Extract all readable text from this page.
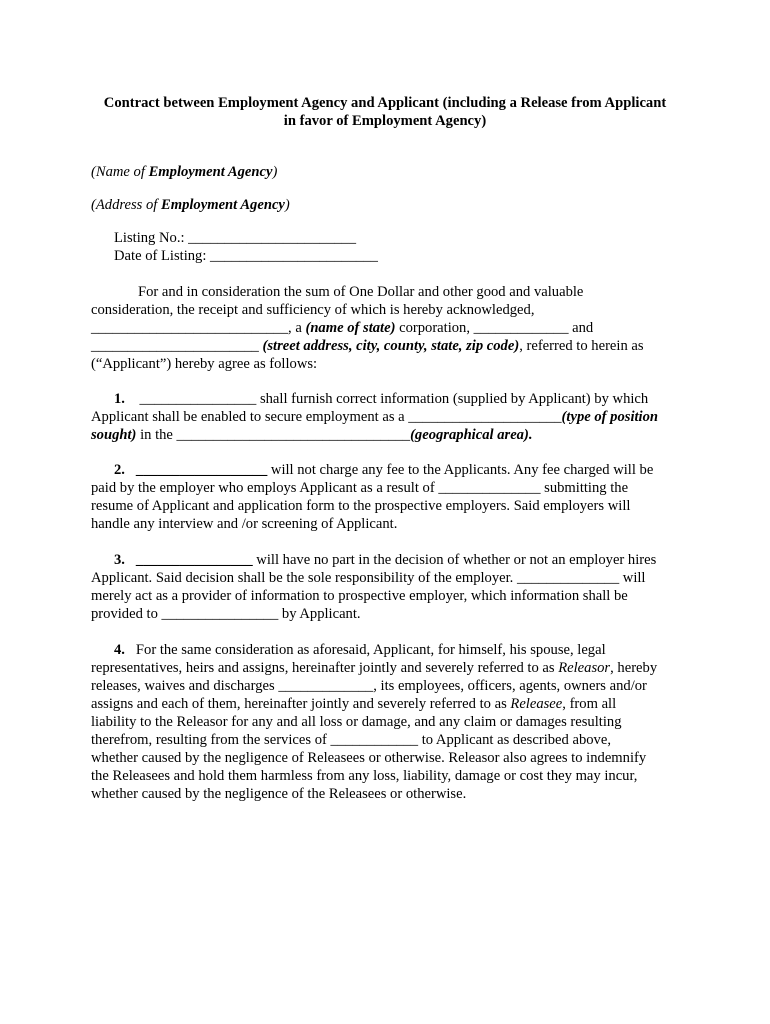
Contract between Employment Agency and Applicant (including a Release from Applicant
in favor of Employment Agency)
(Name of Employment Agency)
(Address of Employment Agency)
Listing No.: _______________________
Date of Listing: _______________________
For and in consideration the sum of One Dollar and other good and valuable
consideration, the receipt and sufficiency of which is hereby acknowledged,
___________________________, a (name of state) corporation, _____________ and
_______________________ (street address, city, county, state, zip code), referred to herein as
(“Applicant”) hereby agree as follows:
1. ________________ shall furnish correct information (supplied by Applicant) by which
Applicant shall be enabled to secure employment as a _____________________(type of position
sought) in the ________________________________(geographical area).
2. __________________ will not charge any fee to the Applicants. Any fee charged will be
paid by the employer who employs Applicant as a result of ______________ submitting the
resume of Applicant and application form to the prospective employers. Said employers will
handle any interview and /or screening of Applicant.
3. ________________ will have no part in the decision of whether or not an employer hires
Applicant. Said decision shall be the sole responsibility of the employer. ______________ will
merely act as a provider of information to prospective employer, which information shall be
provided to ________________ by Applicant.
4. For the same consideration as aforesaid, Applicant, for himself, his spouse, legal
representatives, heirs and assigns, hereinafter jointly and severely referred to as Releasor, hereby
releases, waives and discharges _____________, its employees, officers, agents, owners and/or
assigns and each of them, hereinafter jointly and severely referred to as Releasee, from all
liability to the Releasor for any and all loss or damage, and any claim or damages resulting
therefrom, resulting from the services of ____________ to Applicant as described above,
whether caused by the negligence of Releasees or otherwise. Releasor also agrees to indemnify
the Releasees and hold them harmless from any loss, liability, damage or cost they may incur,
whether caused by the negligence of the Releasees or otherwise.
